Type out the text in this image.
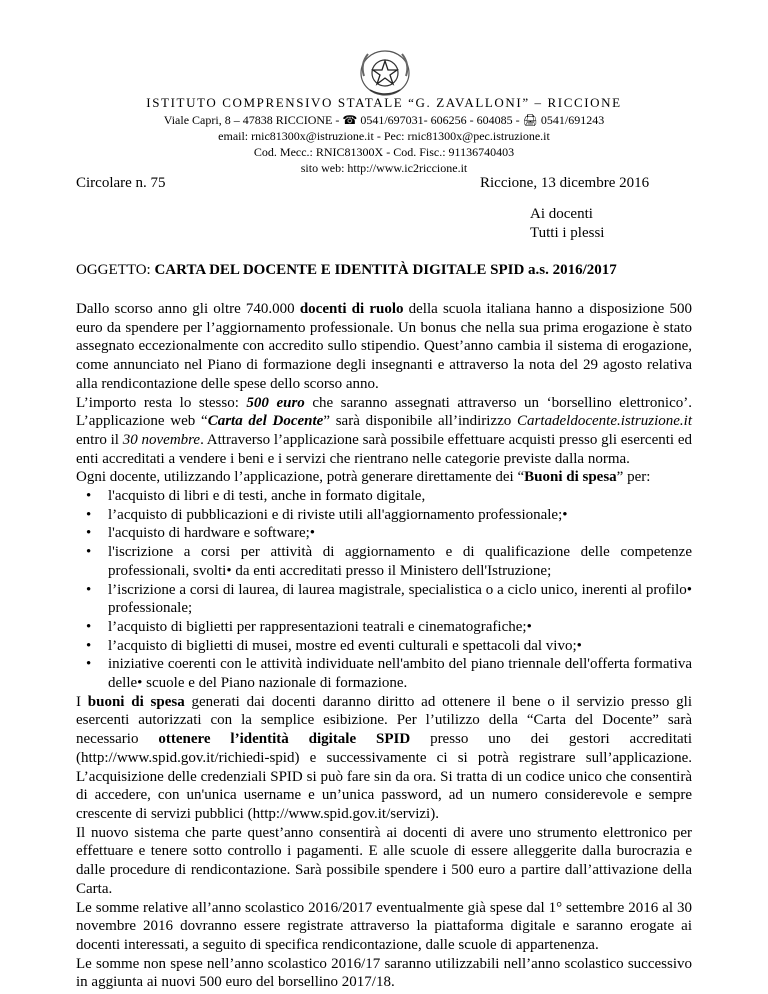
ISTITUTO COMPRENSIVO STATALE “G. ZAVALLONI” – RICCIONE
Viale Capri, 8 – 47838 RICCIONE - ☎ 0541/697031- 606256 - 604085 - 🖨 0541/691243
email: rnic81300x@istruzione.it - Pec: rnic81300x@pec.istruzione.it
Cod. Mecc.: RNIC81300X - Cod. Fisc.: 91136740403
sito web: http://www.ic2riccione.it
Circolare n. 75	Riccione, 13 dicembre 2016
Ai docenti
Tutti i plessi
OGGETTO: CARTA DEL DOCENTE E IDENTITÀ DIGITALE SPID a.s. 2016/2017

Dallo scorso anno gli oltre 740.000 docenti di ruolo della scuola italiana hanno a disposizione 500 euro da spendere per l’aggiornamento professionale. Un bonus che nella sua prima erogazione è stato assegnato eccezionalmente con accredito sullo stipendio. Quest’anno cambia il sistema di erogazione, come annunciato nel Piano di formazione degli insegnanti e attraverso la nota del 29 agosto relativa alla rendicontazione delle spese dello scorso anno.

L’importo resta lo stesso: 500 euro che saranno assegnati attraverso un ‘borsellino elettronico’. L’applicazione web “Carta del Docente” sarà disponibile all’indirizzo Cartadeldocente.istruzione.it entro il 30 novembre. Attraverso l’applicazione sarà possibile effettuare acquisti presso gli esercenti ed enti accreditati a vendere i beni e i servizi che rientrano nelle categorie previste dalla norma.

Ogni docente, utilizzando l’applicazione, potrà generare direttamente dei “Buoni di spesa” per:

• l'acquisto di libri e di testi, anche in formato digitale,
• l’acquisto di pubblicazioni e di riviste utili all'aggiornamento professionale;•
• l'acquisto di hardware e software;•
• l'iscrizione a corsi per attività di aggiornamento e di qualificazione delle competenze professionali, svolti• da enti accreditati presso il Ministero dell'Istruzione;
• l’iscrizione a corsi di laurea, di laurea magistrale, specialistica o a ciclo unico, inerenti al profilo• professionale;
• l’acquisto di biglietti per rappresentazioni teatrali e cinematografiche;•
• l’acquisto di biglietti di musei, mostre ed eventi culturali e spettacoli dal vivo;•
• iniziative coerenti con le attività individuate nell'ambito del piano triennale dell'offerta formativa delle• scuole e del Piano nazionale di formazione.

I buoni di spesa generati dai docenti daranno diritto ad ottenere il bene o il servizio presso gli esercenti autorizzati con la semplice esibizione. Per l’utilizzo della “Carta del Docente” sarà necessario ottenere l’identità digitale SPID presso uno dei gestori accreditati (http://www.spid.gov.it/richiedi-spid) e successivamente ci si potrà registrare sull’applicazione. L’acquisizione delle credenziali SPID si può fare sin da ora. Si tratta di un codice unico che consentirà di accedere, con un'unica username e un’unica password, ad un numero considerevole e sempre crescente di servizi pubblici (http://www.spid.gov.it/servizi).

Il nuovo sistema che parte quest’anno consentirà ai docenti di avere uno strumento elettronico per effettuare e tenere sotto controllo i pagamenti. E alle scuole di essere alleggerite dalla burocrazia e dalle procedure di rendicontazione. Sarà possibile spendere i 500 euro a partire dall’attivazione della Carta.

Le somme relative all’anno scolastico 2016/2017 eventualmente già spese dal 1° settembre 2016 al 30 novembre 2016 dovranno essere registrate attraverso la piattaforma digitale e saranno erogate ai docenti interessati, a seguito di specifica rendicontazione, dalle scuole di appartenenza.

Le somme non spese nell’anno scolastico 2016/17 saranno utilizzabili nell’anno scolastico successivo in aggiunta ai nuovi 500 euro del borsellino 2017/18.
